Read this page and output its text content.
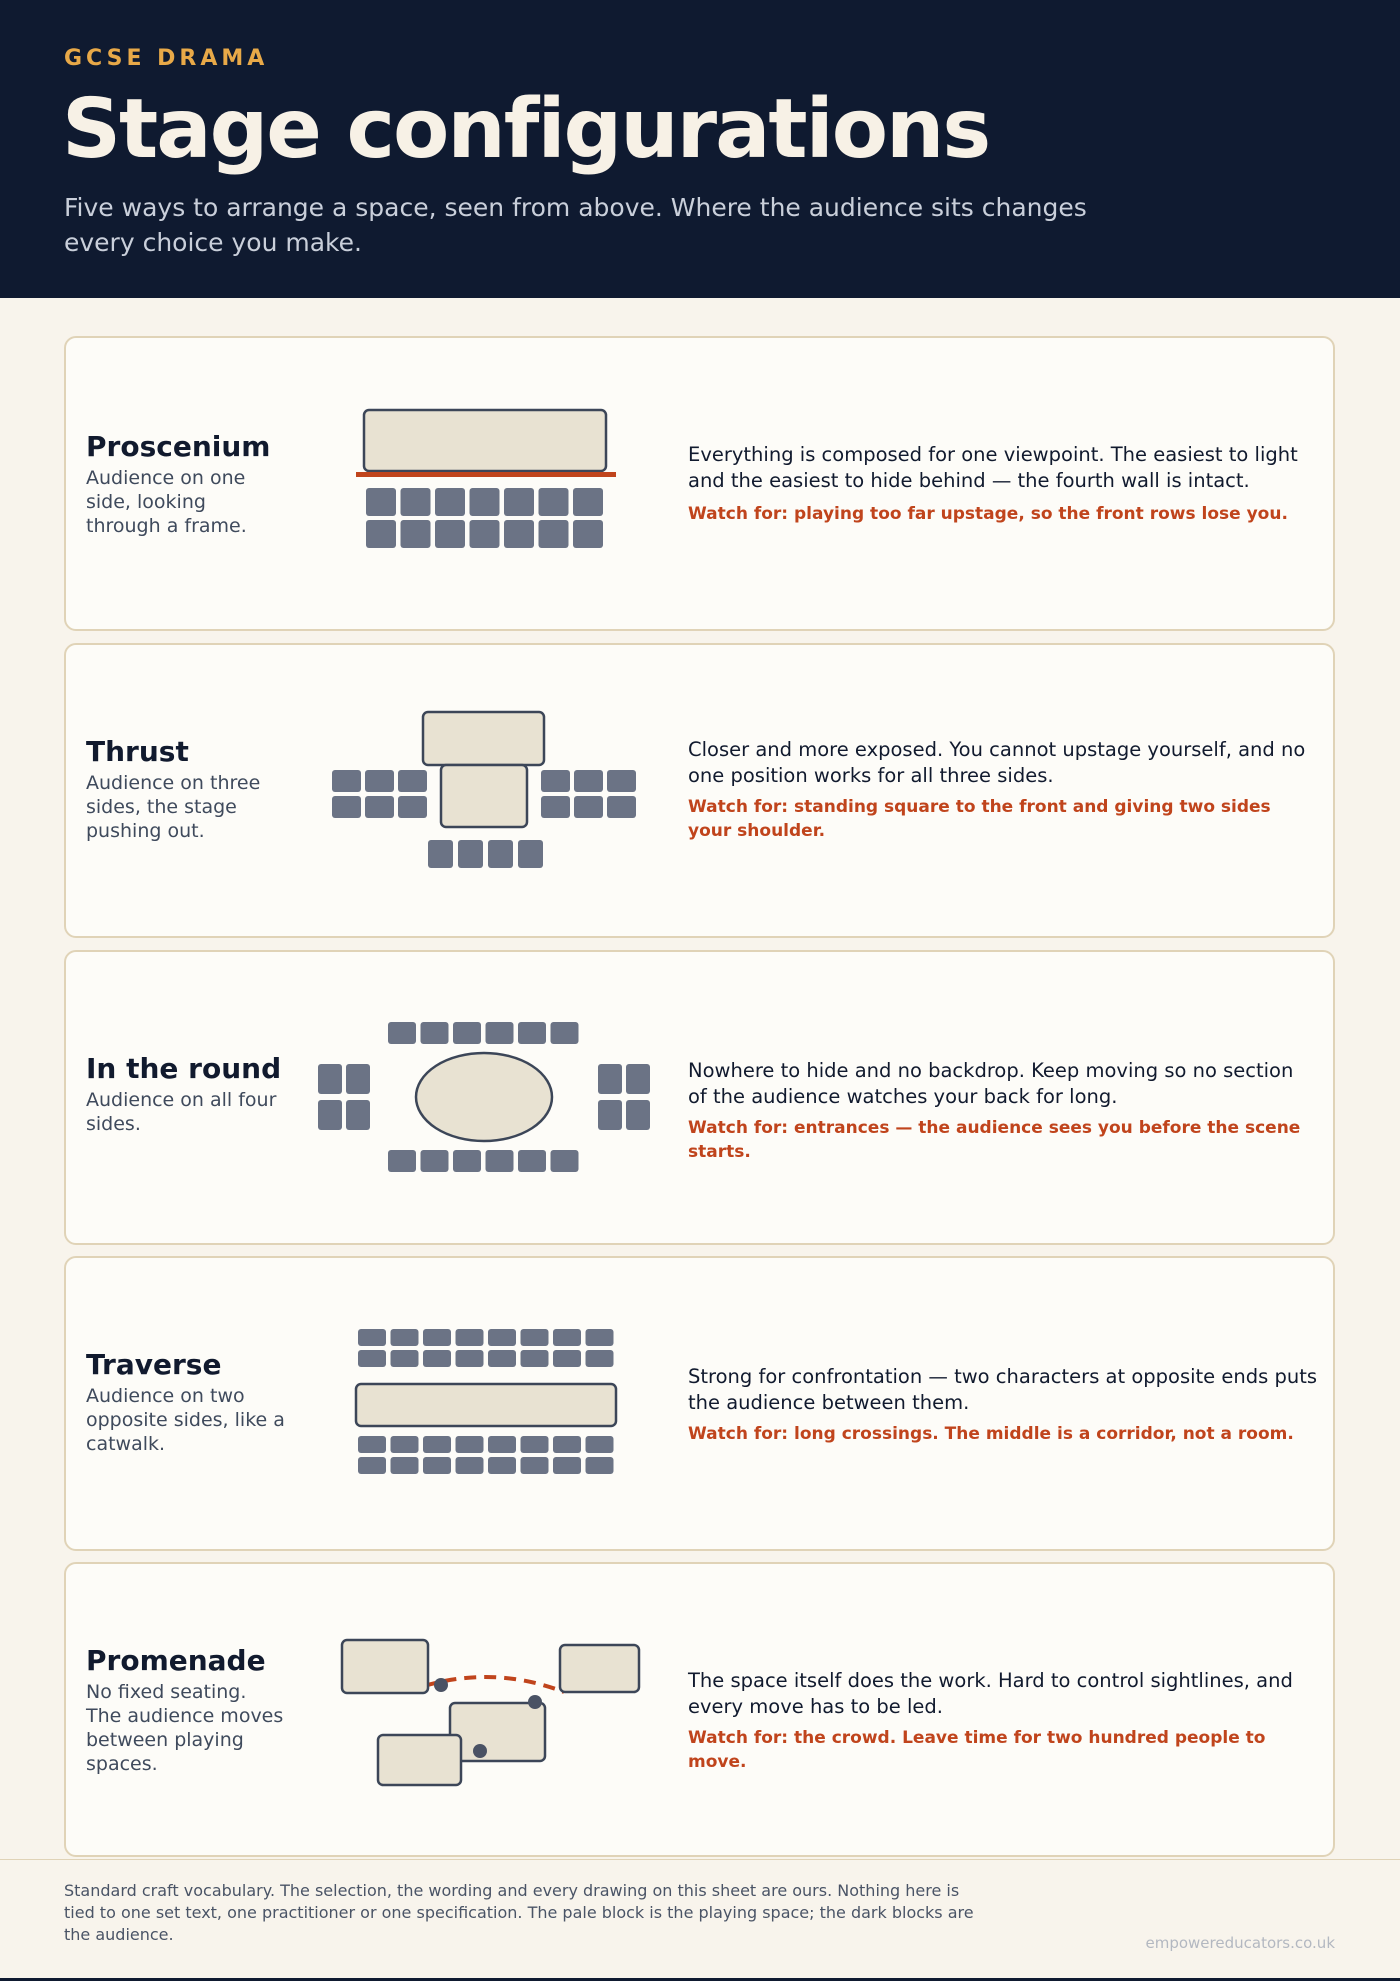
GCSE DRAMA
Stage configurations
Five ways to arrange a space, seen from above. Where the audience sits changes every choice you make.
Proscenium
Audience on one side, looking through a frame.
Everything is composed for one viewpoint. The easiest to light and the easiest to hide behind — the fourth wall is intact.
Watch for: playing too far upstage, so the front rows lose you.
Thrust
Audience on three sides, the stage pushing out.
Closer and more exposed. You cannot upstage yourself, and no one position works for all three sides.
Watch for: standing square to the front and giving two sides your shoulder.
In the round
Audience on all four sides.
Nowhere to hide and no backdrop. Keep moving so no section of the audience watches your back for long.
Watch for: entrances — the audience sees you before the scene starts.
Traverse
Audience on two opposite sides, like a catwalk.
Strong for confrontation — two characters at opposite ends puts the audience between them.
Watch for: long crossings. The middle is a corridor, not a room.
Promenade
No fixed seating. The audience moves between playing spaces.
The space itself does the work. Hard to control sightlines, and every move has to be led.
Watch for: the crowd. Leave time for two hundred people to move.
Standard craft vocabulary. The selection, the wording and every drawing on this sheet are ours. Nothing here is tied to one set text, one practitioner or one specification. The pale block is the playing space; the dark blocks are the audience.	empowereducators.co.uk
